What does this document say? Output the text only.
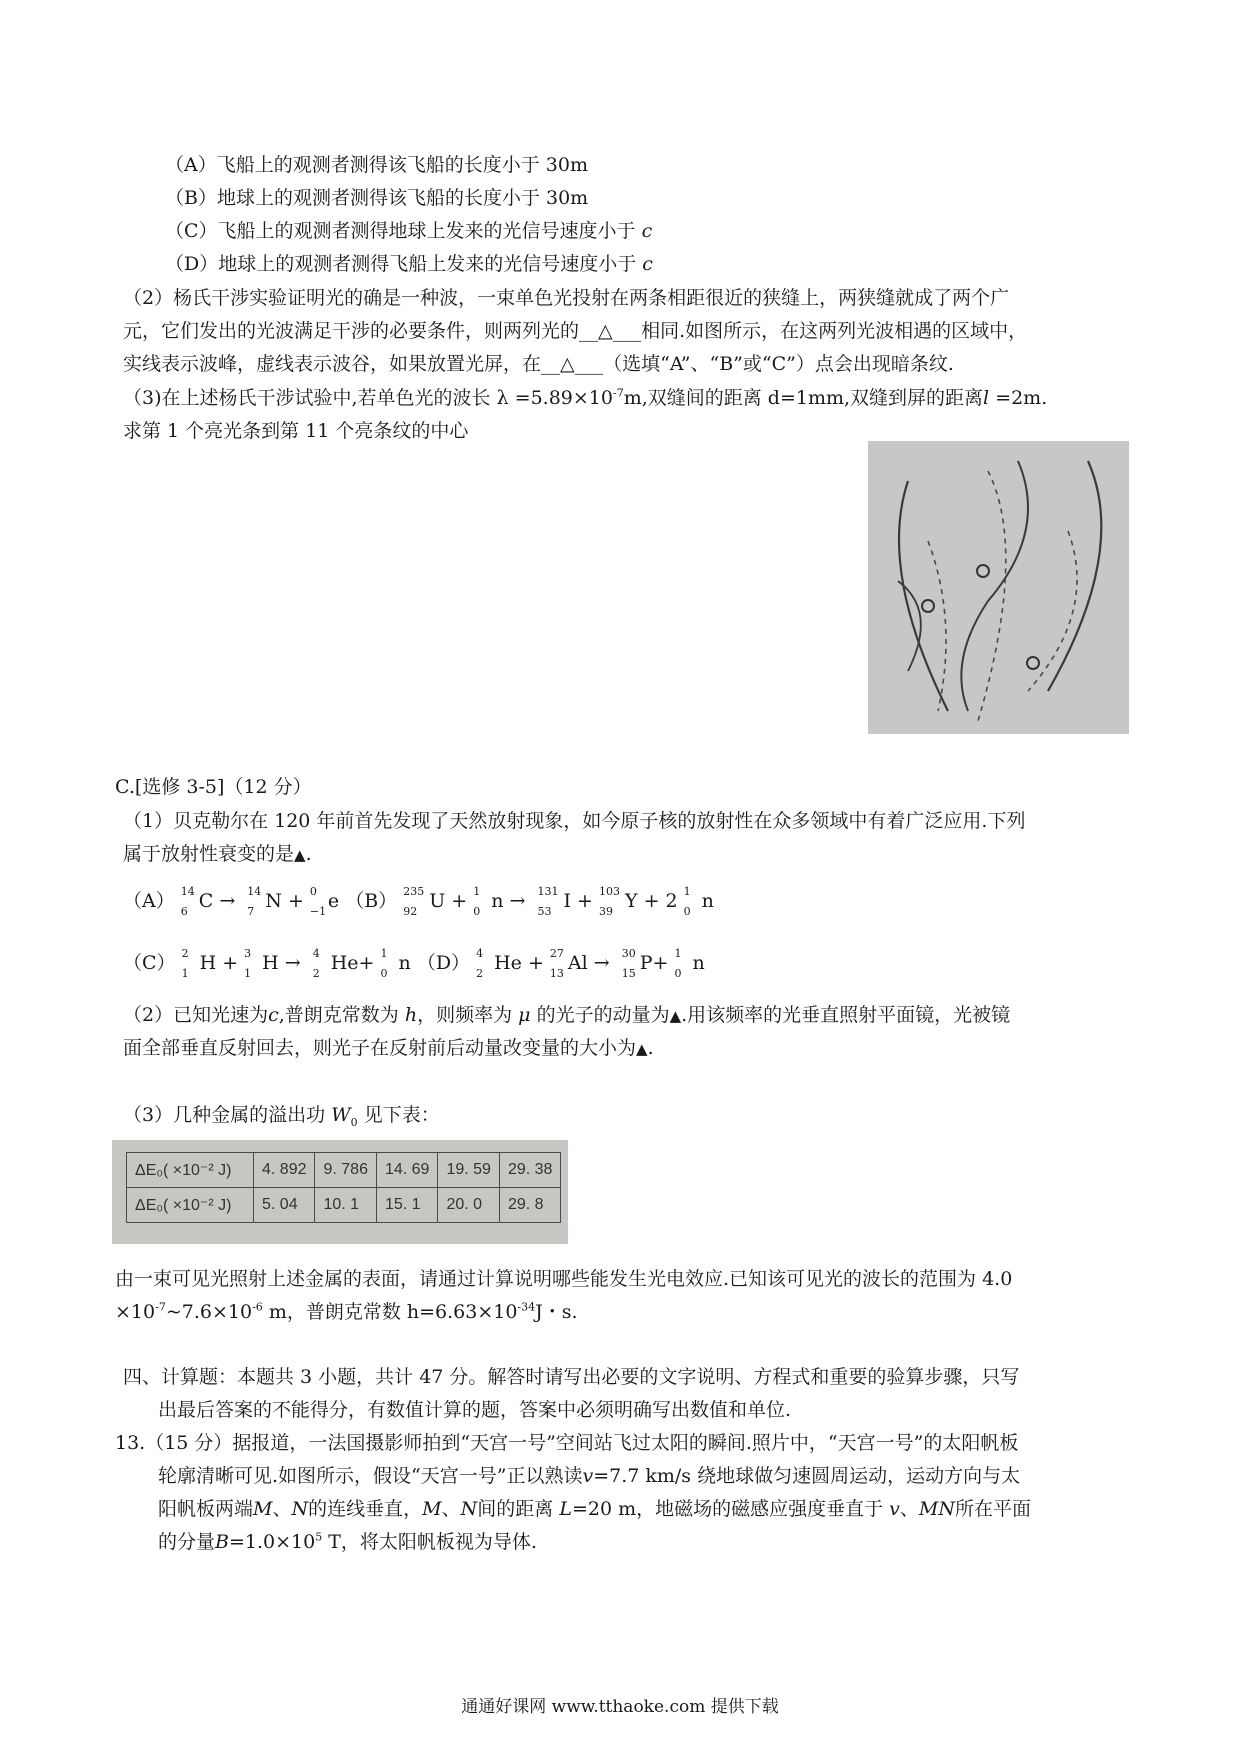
（A）飞船上的观测者测得该飞船的长度小于 30m
（B）地球上的观测者测得该飞船的长度小于 30m
（C）飞船上的观测者测得地球上发来的光信号速度小于 c
（D）地球上的观测者测得飞船上发来的光信号速度小于 c
（2）杨氏干涉实验证明光的确是一种波，一束单色光投射在两条相距很近的狭缝上，两狭缝就成了两个广
元，它们发出的光波满足干涉的必要条件，则两列光的__△___相同.如图所示，在这两列光波相遇的区域中，
实线表示波峰，虚线表示波谷，如果放置光屏，在__△___（选填“A”、“B”或“C”）点会出现暗条纹.
（3)在上述杨氏干涉试验中,若单色光的波长 $\lambda =5.89\times 10^{-7}m$,双缝间的距离 d=1mm,双缝到屏的距离l =2m.
求第 1 个亮光条到第 11 个亮条纹的中心
C.[选修 3-5]（12 分）
（1）贝克勒尔在 120 年前首先发现了天然放射现象，如今原子核的放射性在众多领域中有着广泛应用.下列
属于放射性衰变的是▲.
（A） 14
6 C → 14
7 N + 0
−1 e （B） 235
92 U + 1
0 n → 131
53 I + 103
39 Y + 2 1
0 n
（C） 2
1 H + 3
1 H → 4
2 He+ 1
0 n （D） 4
2 He + 27
13 Al → 30
15 P+ 1
0 n
（2）已知光速为c,普朗克常数为 h，则频率为 μ 的光子的动量为▲.用该频率的光垂直照射平面镜，光被镜
面全部垂直反射回去，则光子在反射前后动量改变量的大小为▲.
（3）几种金属的溢出功 $W_0$ 见下表：
ΔE₀( ×10⁻² J)	4. 892	9. 786	14. 69	19. 59	29. 38
ΔE₀( ×10⁻² J)	5. 04	10. 1	15. 1	20. 0	29. 8
由一束可见光照射上述金属的表面，请通过计算说明哪些能发生光电效应.已知该可见光的波长的范围为 4.0
$\times 10^{-7}\sim 7.6\times 10^{-6}$ m，普朗克常数 $h=6.63\times 10^{-34}J$・s.
四、计算题：本题共 3 小题，共计 47 分。解答时请写出必要的文字说明、方程式和重要的验算步骤，只写
出最后答案的不能得分，有数值计算的题，答案中必须明确写出数值和单位.
13.（15 分）据报道，一法国摄影师拍到“天宫一号”空间站飞过太阳的瞬间.照片中，“天宫一号”的太阳帆板
轮廓清晰可见.如图所示，假设“天宫一号”正以熟读v=7.7 km/s 绕地球做匀速圆周运动，运动方向与太
阳帆板两端M、N的连线垂直，M、N间的距离 L=20 m，地磁场的磁感应强度垂直于 v、MN所在平面
的分量$B=1.0\times 10^5$ T，将太阳帆板视为导体.
通通好课网 www.tthaoke.com 提供下载
